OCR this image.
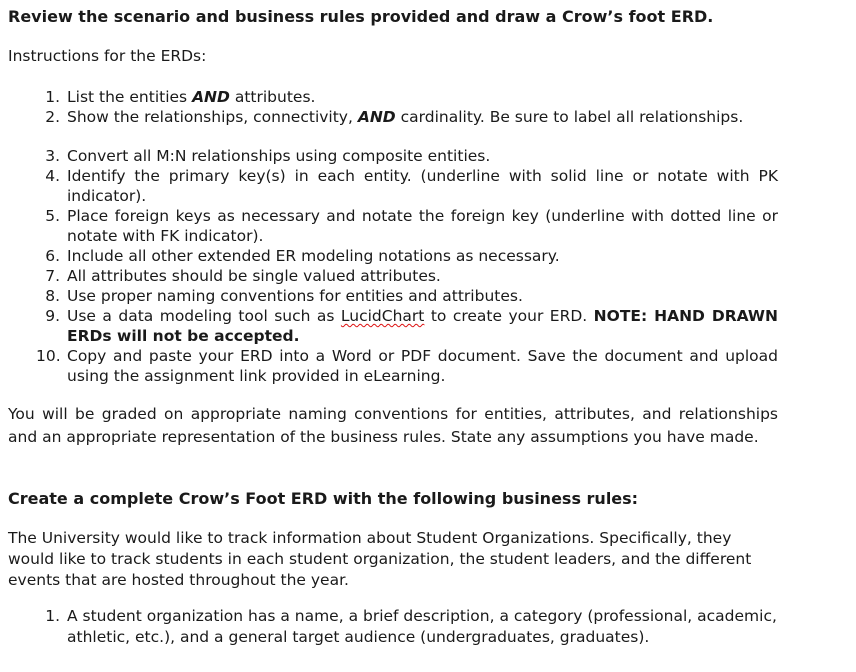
Review the scenario and business rules provided and draw a Crow’s foot ERD.
Instructions for the ERDs:
1. List the entities AND attributes.
2. Show the relationships, connectivity, AND cardinality. Be sure to label all relationships.
3. Convert all M:N relationships using composite entities.
4. Identify the primary key(s) in each entity. (underline with solid line or notate with PK indicator).
5. Place foreign keys as necessary and notate the foreign key (underline with dotted line or notate with FK indicator).
6. Include all other extended ER modeling notations as necessary.
7. All attributes should be single valued attributes.
8. Use proper naming conventions for entities and attributes.
9. Use a data modeling tool such as LucidChart to create your ERD. NOTE: HAND DRAWN ERDs will not be accepted.
10. Copy and paste your ERD into a Word or PDF document. Save the document and upload using the assignment link provided in eLearning.
You will be graded on appropriate naming conventions for entities, attributes, and relationships and an appropriate representation of the business rules. State any assumptions you have made.
Create a complete Crow’s Foot ERD with the following business rules:
The University would like to track information about Student Organizations. Specifically, they would like to track students in each student organization, the student leaders, and the different events that are hosted throughout the year.
1. A student organization has a name, a brief description, a category (professional, academic, athletic, etc.), and a general target audience (undergraduates, graduates).
